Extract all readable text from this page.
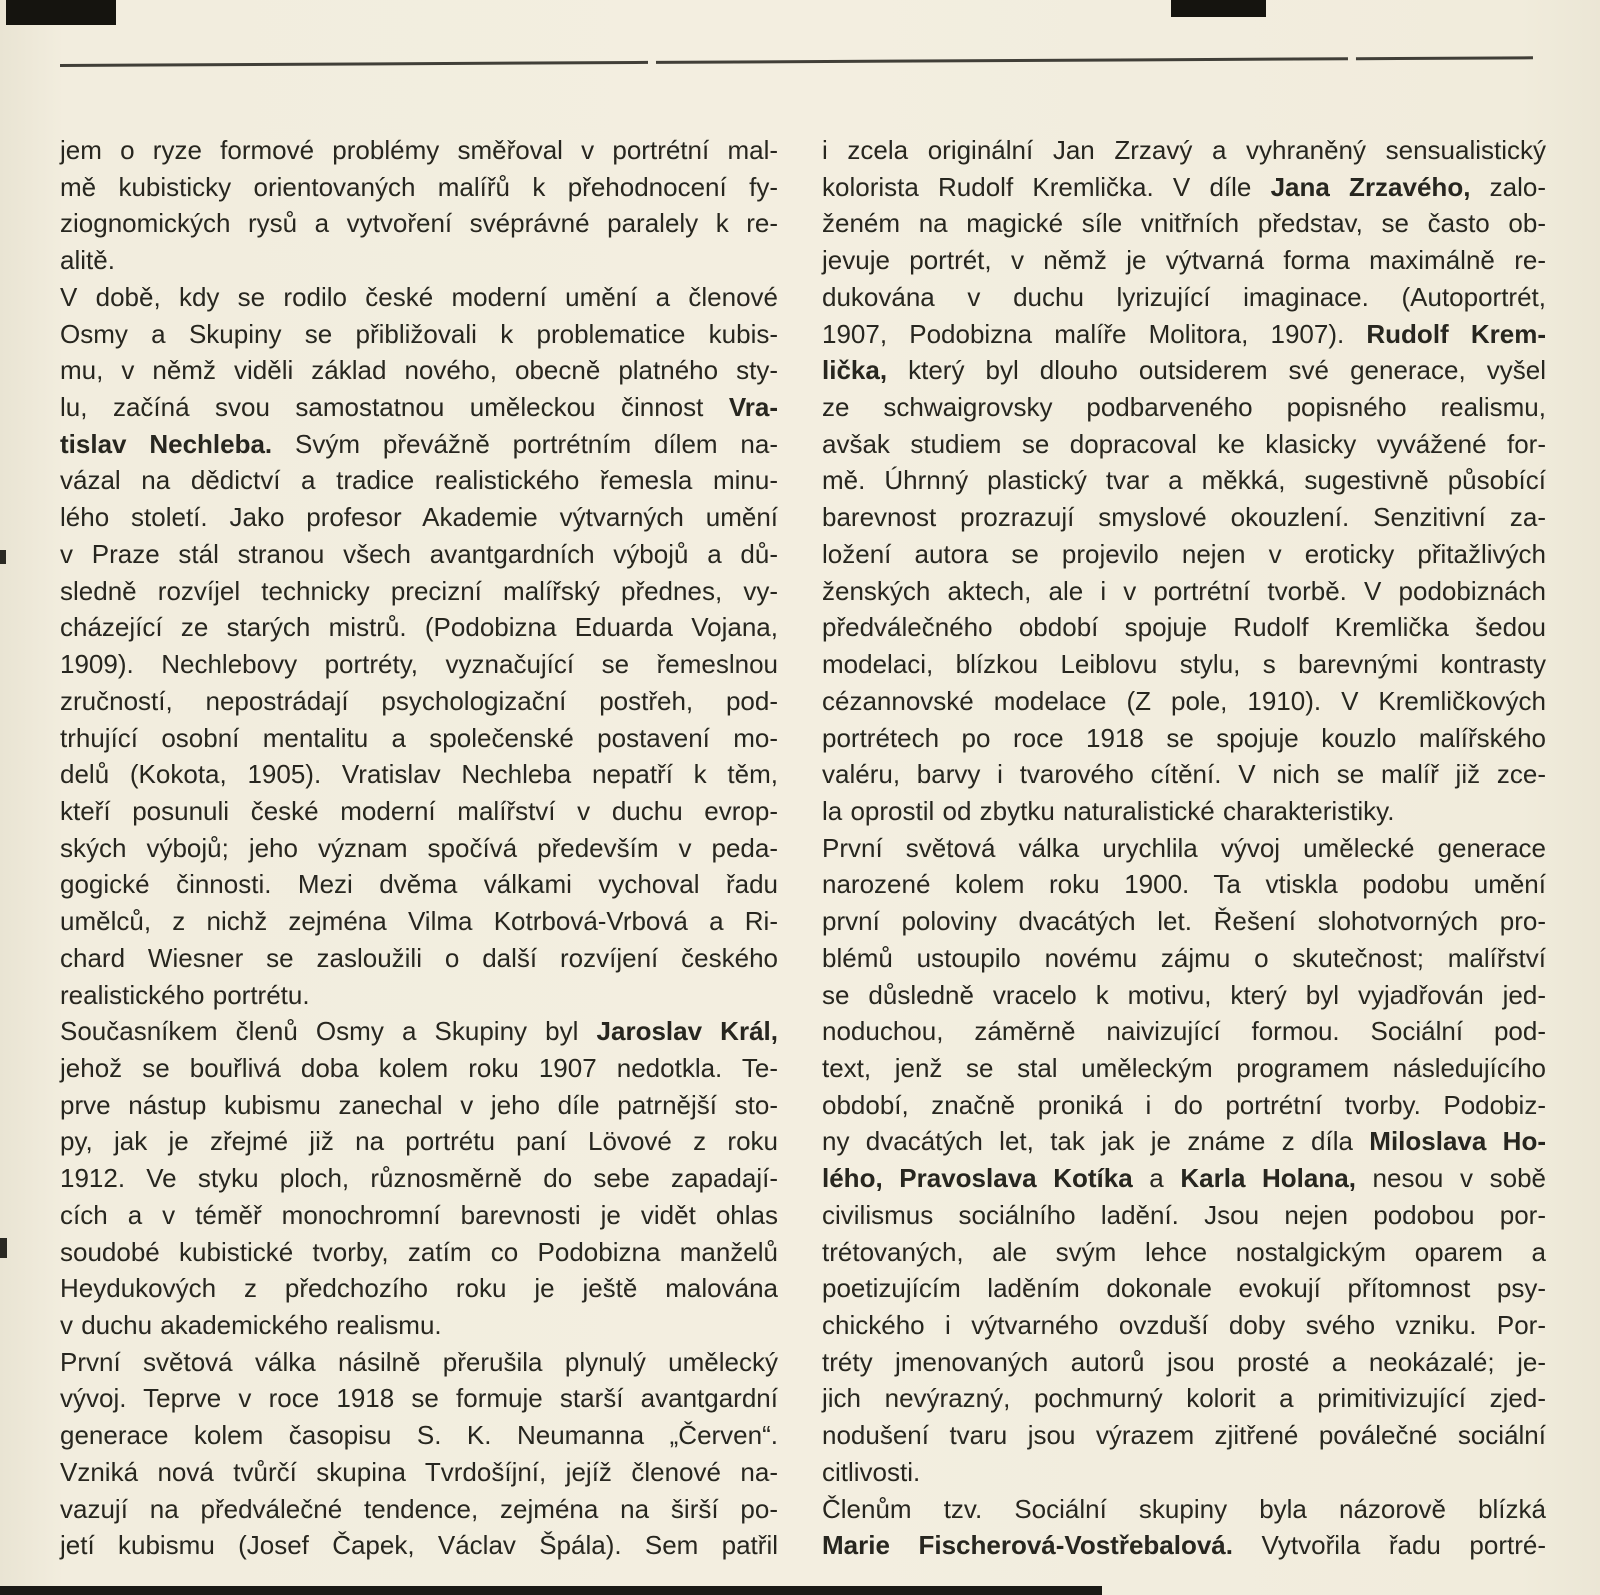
jem o ryze formové problémy směřoval v portrétní mal-
mě kubisticky orientovaných malířů k přehodnocení fy-
ziognomických rysů a vytvoření svéprávné paralely k re-
alitě.
V době, kdy se rodilo české moderní umění a členové
Osmy a Skupiny se přibližovali k problematice kubis-
mu, v němž viděli základ nového, obecně platného sty-
lu, začíná svou samostatnou uměleckou činnost Vra-
tislav Nechleba. Svým převážně portrétním dílem na-
vázal na dědictví a tradice realistického řemesla minu-
lého století. Jako profesor Akademie výtvarných umění
v Praze stál stranou všech avantgardních výbojů a dů-
sledně rozvíjel technicky precizní malířský přednes, vy-
cházející ze starých mistrů. (Podobizna Eduarda Vojana,
1909). Nechlebovy portréty, vyznačující se řemeslnou
zručností, nepostrádají psychologizační postřeh, pod-
trhující osobní mentalitu a společenské postavení mo-
delů (Kokota, 1905). Vratislav Nechleba nepatří k těm,
kteří posunuli české moderní malířství v duchu evrop-
ských výbojů; jeho význam spočívá především v peda-
gogické činnosti. Mezi dvěma válkami vychoval řadu
umělců, z nichž zejména Vilma Kotrbová-Vrbová a Ri-
chard Wiesner se zasloužili o další rozvíjení českého
realistického portrétu.
Současníkem členů Osmy a Skupiny byl Jaroslav Král,
jehož se bouřlivá doba kolem roku 1907 nedotkla. Te-
prve nástup kubismu zanechal v jeho díle patrnější sto-
py, jak je zřejmé již na portrétu paní Lövové z roku
1912. Ve styku ploch, různosměrně do sebe zapadají-
cích a v téměř monochromní barevnosti je vidět ohlas
soudobé kubistické tvorby, zatím co Podobizna manželů
Heydukových z předchozího roku je ještě malována
v duchu akademického realismu.
První světová válka násilně přerušila plynulý umělecký
vývoj. Teprve v roce 1918 se formuje starší avantgardní
generace kolem časopisu S. K. Neumanna „Červen“.
Vzniká nová tvůrčí skupina Tvrdošíjní, jejíž členové na-
vazují na předválečné tendence, zejména na širší po-
jetí kubismu (Josef Čapek, Václav Špála). Sem patřil
i zcela originální Jan Zrzavý a vyhraněný sensualistický
kolorista Rudolf Kremlička. V díle Jana Zrzavého, zalo-
ženém na magické síle vnitřních představ, se často ob-
jevuje portrét, v němž je výtvarná forma maximálně re-
dukována v duchu lyrizující imaginace. (Autoportrét,
1907, Podobizna malíře Molitora, 1907). Rudolf Krem-
lička, který byl dlouho outsiderem své generace, vyšel
ze schwaigrovsky podbarveného popisného realismu,
avšak studiem se dopracoval ke klasicky vyvážené for-
mě. Úhrnný plastický tvar a měkká, sugestivně působící
barevnost prozrazují smyslové okouzlení. Senzitivní za-
ložení autora se projevilo nejen v eroticky přitažlivých
ženských aktech, ale i v portrétní tvorbě. V podobiznách
předválečného období spojuje Rudolf Kremlička šedou
modelaci, blízkou Leiblovu stylu, s barevnými kontrasty
cézannovské modelace (Z pole, 1910). V Kremličkových
portrétech po roce 1918 se spojuje kouzlo malířského
valéru, barvy i tvarového cítění. V nich se malíř již zce-
la oprostil od zbytku naturalistické charakteristiky.
První světová válka urychlila vývoj umělecké generace
narozené kolem roku 1900. Ta vtiskla podobu umění
první poloviny dvacátých let. Řešení slohotvorných pro-
blémů ustoupilo novému zájmu o skutečnost; malířství
se důsledně vracelo k motivu, který byl vyjadřován jed-
noduchou, záměrně naivizující formou. Sociální pod-
text, jenž se stal uměleckým programem následujícího
období, značně proniká i do portrétní tvorby. Podobiz-
ny dvacátých let, tak jak je známe z díla Miloslava Ho-
lého, Pravoslava Kotíka a Karla Holana, nesou v sobě
civilismus sociálního ladění. Jsou nejen podobou por-
trétovaných, ale svým lehce nostalgickým oparem a
poetizujícím laděním dokonale evokují přítomnost psy-
chického i výtvarného ovzduší doby svého vzniku. Por-
tréty jmenovaných autorů jsou prosté a neokázalé; je-
jich nevýrazný, pochmurný kolorit a primitivizující zjed-
nodušení tvaru jsou výrazem zjitřené poválečné sociální
citlivosti.
Členům tzv. Sociální skupiny byla názorově blízká
Marie Fischerová-Vostřebalová. Vytvořila řadu portré-
